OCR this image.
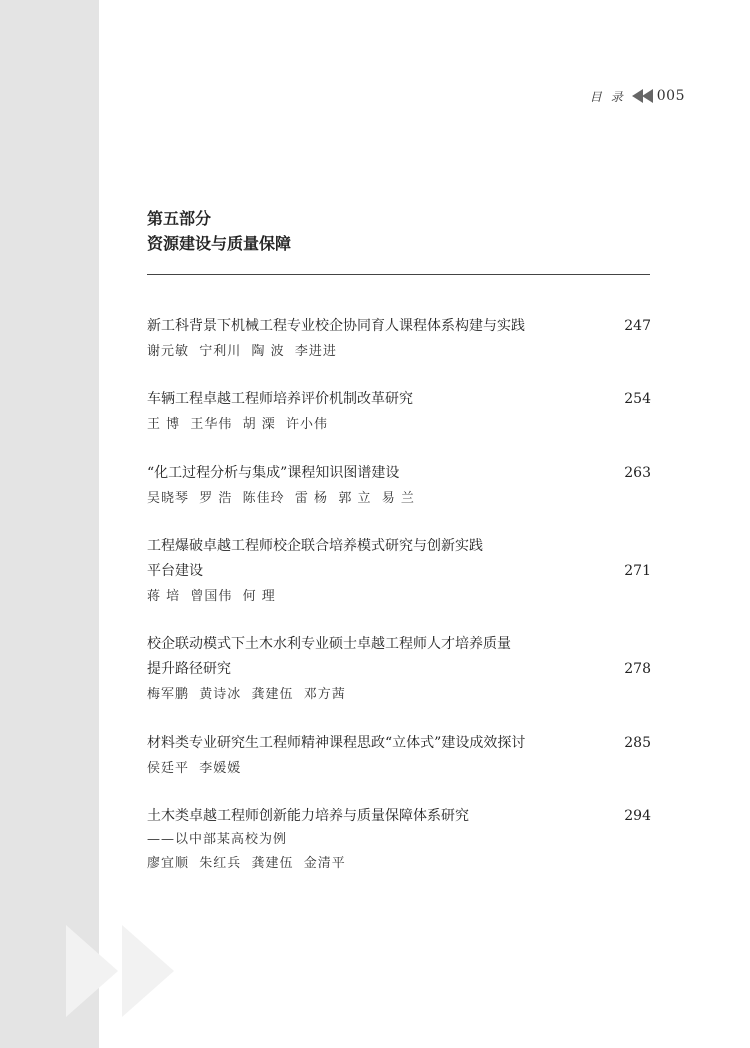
目录 005

第五部分

资源建设与质量保障

新工科背景下机械工程专业校企协同育人课程体系构建与实践	247
谢元敏  宁利川  陶 波  李进进
车辆工程卓越工程师培养评价机制改革研究	254
王 博  王华伟  胡 溧  许小伟
“化工过程分析与集成”课程知识图谱建设	263
吴晓琴  罗 浩  陈佳玲  雷 杨  郭 立  易 兰
工程爆破卓越工程师校企联合培养模式研究与创新实践
平台建设	271
蒋 培  曾国伟  何 理
校企联动模式下土木水利专业硕士卓越工程师人才培养质量
提升路径研究	278
梅军鹏  黄诗冰  龚建伍  邓方茜
材料类专业研究生工程师精神课程思政“立体式”建设成效探讨	285
侯廷平  李媛媛
土木类卓越工程师创新能力培养与质量保障体系研究	294
——以中部某高校为例
廖宜顺  朱红兵  龚建伍  金清平
